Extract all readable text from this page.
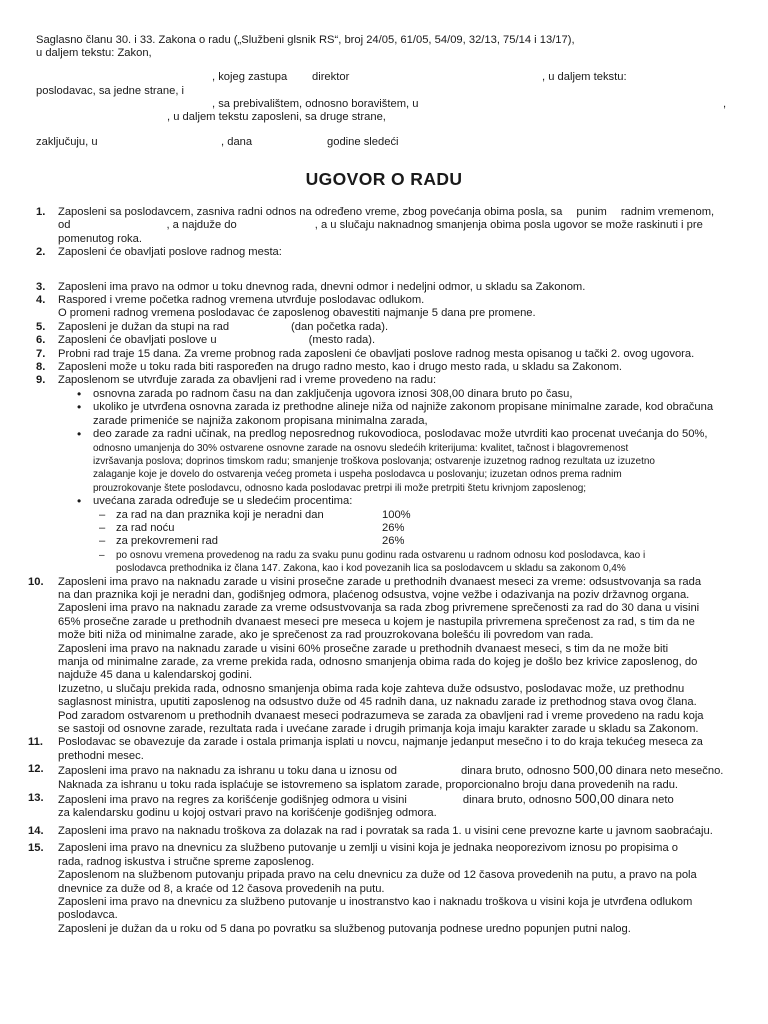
Saglasno članu 30. i 33. Zakona o radu („Službeni glsnik RS“, broj 24/05, 61/05, 54/09, 32/13, 75/14 i 13/17),
u daljem tekstu: Zakon,
, kojeg zastupa direktor	, u daljem tekstu:
poslodavac, sa jedne strane, i
, sa prebivalištem, odnosno boravištem, u	,
, u daljem tekstu zaposleni, sa druge strane,
zaključuju, u	, dana	godine sledeći
UGOVOR O RADU
1.	Zaposleni sa poslodavcem, zasniva radni odnos na određeno vreme, zbog povećanja obima posla, sa punim radnim vremenom,
od	, a najduže do	, a u slučaju naknadnog smanjenja obima posla ugovor se može raskinuti i pre
pomenutog roka.
2.	Zaposleni će obavljati poslove radnog mesta:
3.	Zaposleni ima pravo na odmor u toku dnevnog rada, dnevni odmor i nedeljni odmor, u skladu sa Zakonom.
4.	Raspored i vreme početka radnog vremena utvrđuje poslodavac odlukom.
O promeni radnog vremena poslodavac će zaposlenog obavestiti najmanje 5 dana pre promene.
5.	Zaposleni je dužan da stupi na rad	(dan početka rada).
6.	Zaposleni će obavljati poslove u	(mesto rada).
7.	Probni rad traje 15 dana. Za vreme probnog rada zaposleni će obavljati poslove radnog mesta opisanog u tački 2. ovog ugovora.
8.	Zaposleni može u toku rada biti raspoređen na drugo radno mesto, kao i drugo mesto rada, u skladu sa Zakonom.
9.	Zaposlenom se utvrđuje zarada za obavljeni rad i vreme provedeno na radu:
• osnovna zarada po radnom času na dan zaključenja ugovora iznosi 308,00 dinara bruto po času,
• ukoliko je utvrđena osnovna zarada iz prethodne alineje niža od najniže zakonom propisane minimalne zarade, kod obračuna
zarade primeniće se najniža zakonom propisana minimalna zarada,
• deo zarade za radni učinak, na predlog neposrednog rukovodioca, poslodavac može utvrditi kao procenat uvećanja do 50%,
odnosno umanjenja do 30% ostvarene osnovne zarade na osnovu sledećih kriterijuma: kvalitet, tačnost i blagovremenost
izvršavanja poslova; doprinos timskom radu; smanjenje troškova poslovanja; ostvarenje izuzetnog radnog rezultata uz izuzetno
zalaganje koje je dovelo do ostvarenja većeg prometa i uspeha poslodavca u poslovanju; izuzetan odnos prema radnim
prouzrokovanje štete poslodavcu, odnosno kada poslodavac pretrpi ili može pretrpiti štetu krivnjom zaposlenog;
• uvećana zarada određuje se u sledećim procentima:
– za rad na dan praznika koji je neradni dan	100%
– za rad noću	26%
– za prekovremeni rad	26%
– po osnovu vremena provedenog na radu za svaku punu godinu rada ostvarenu u radnom odnosu kod poslodavca, kao i
poslodavca prethodnika iz člana 147. Zakona, kao i kod povezanih lica sa poslodavcem u skladu sa zakonom 0,4%
10. Zaposleni ima pravo na naknadu zarade u visini prosečne zarade u prethodnih dvanaest meseci za vreme: odsustvovanja sa rada
na dan praznika koji je neradni dan, godišnjeg odmora, plaćenog odsustva, vojne vežbe i odazivanja na poziv državnog organa.
Zaposleni ima pravo na naknadu zarade za vreme odsustvovanja sa rada zbog privremene sprečenosti za rad do 30 dana u visini
65% prosečne zarade u prethodnih dvanaest meseci pre meseca u kojem je nastupila privremena sprečenost za rad, s tim da ne
može biti niža od minimalne zarade, ako je sprečenost za rad prouzrokovana bolešću ili povredom van rada.
Zaposleni ima pravo na naknadu zarade u visini 60% prosečne zarade u prethodnih dvanaest meseci, s tim da ne može biti
manja od minimalne zarade, za vreme prekida rada, odnosno smanjenja obima rada do kojeg je došlo bez krivice zaposlenog, do
najduže 45 dana u kalendarskoj godini.
Izuzetno, u slučaju prekida rada, odnosno smanjenja obima rada koje zahteva duže odsustvo, poslodavac može, uz prethodnu
saglasnost ministra, uputiti zaposlenog na odsustvo duže od 45 radnih dana, uz naknadu zarade iz prethodnog stava ovog člana.
Pod zaradom ostvarenom u prethodnih dvanaest meseci podrazumeva se zarada za obavljeni rad i vreme provedeno na radu koja
se sastoji od osnovne zarade, rezultata rada i uvećane zarade i drugih primanja koja imaju karakter zarade u skladu sa Zakonom.
11. Poslodavac se obavezuje da zarade i ostala primanja isplati u novcu, najmanje jedanput mesečno i to do kraja tekućeg meseca za
prethodni mesec.
12. Zaposleni ima pravo na naknadu za ishranu u toku dana u iznosu od	dinara bruto, odnosno 500,00 dinara neto mesečno.
Naknada za ishranu u toku rada isplaćuje se istovremeno sa isplatom zarade, proporcionalno broju dana provedenih na radu.
13. Zaposleni ima pravo na regres za korišćenje godišnjeg odmora u visini	dinara bruto, odnosno 500,00 dinara neto
za kalendarsku godinu u kojoj ostvari pravo na korišćenje godišnjeg odmora.
14. Zaposleni ima pravo na naknadu troškova za dolazak na rad i povratak sa rada 1. u visini cene prevozne karte u javnom saobraćaju.
15. Zaposleni ima pravo na dnevnicu za službeno putovanje u zemlji u visini koja je jednaka neoporezivom iznosu po propisima o
rada, radnog iskustva i stručne spreme zaposlenog.
Zaposlenom na službenom putovanju pripada pravo na celu dnevnicu za duže od 12 časova provedenih na putu, a pravo na pola
dnevnice za duže od 8, a kraće od 12 časova provedenih na putu.
Zaposleni ima pravo na dnevnicu za službeno putovanje u inostranstvo kao i naknadu troškova u visini koja je utvrđena odlukom
poslodavca.
Zaposleni je dužan da u roku od 5 dana po povratku sa službenog putovanja podnese uredno popunjen putni nalog.
